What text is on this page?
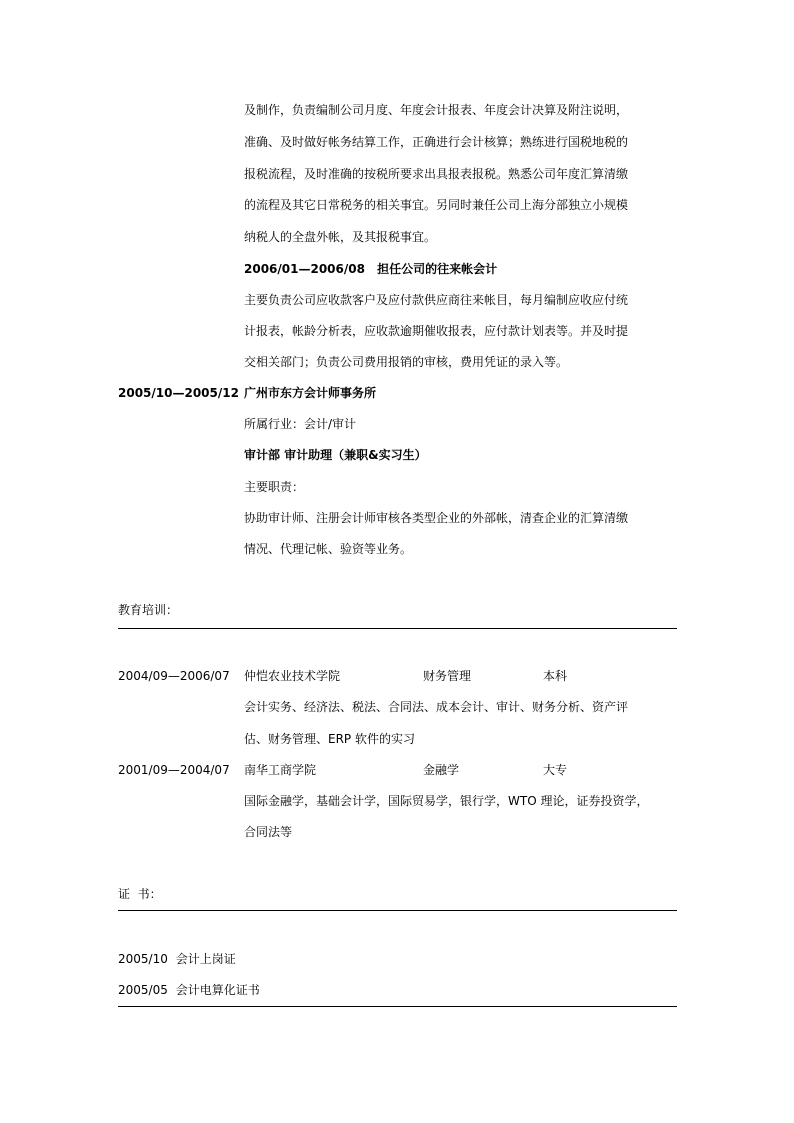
及制作，负责编制公司月度、年度会计报表、年度会计决算及附注说明，
准确、及时做好帐务结算工作，正确进行会计核算；熟练进行国税地税的
报税流程，及时准确的按税所要求出具报表报税。熟悉公司年度汇算清缴
的流程及其它日常税务的相关事宜。另同时兼任公司上海分部独立小规模
纳税人的全盘外帐，及其报税事宜。
2006/01—2006/08 担任公司的往来帐会计
主要负责公司应收款客户及应付款供应商往来帐目，每月编制应收应付统
计报表，帐龄分析表，应收款逾期催收报表，应付款计划表等。并及时提
交相关部门；负责公司费用报销的审核，费用凭证的录入等。
2005/10—2005/12 广州市东方会计师事务所
所属行业：会计/审计
审计部 审计助理（兼职&实习生）
主要职责：
协助审计师、注册会计师审核各类型企业的外部帐，清查企业的汇算清缴
情况、代理记帐、验资等业务。
教育培训：
2004/09—2006/07 仲恺农业技术学院	财务管理	本科
会计实务、经济法、税法、合同法、成本会计、审计、财务分析、资产评
估、财务管理、ERP 软件的实习
2001/09—2004/07 南华工商学院	金融学	大专
国际金融学，基础会计学，国际贸易学，银行学，WTO 理论，证券投资学，
合同法等
证  书：
2005/10 会计上岗证
2005/05 会计电算化证书
